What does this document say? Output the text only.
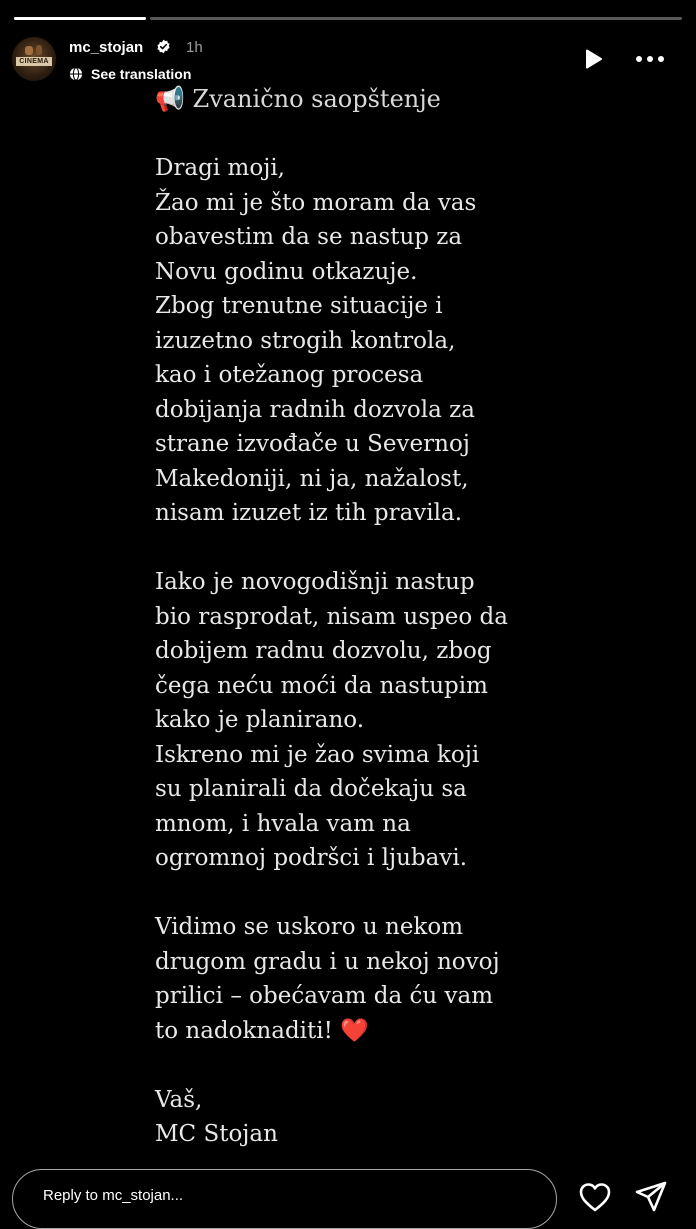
CINEMA
mc_stojan	1h
See translation

📢 Zvanično saopštenje

Dragi moji,
Žao mi je što moram da vas
obavestim da se nastup za
Novu godinu otkazuje.
Zbog trenutne situacije i
izuzetno strogih kontrola,
kao i otežanog procesa
dobijanja radnih dozvola za
strane izvođače u Severnoj
Makedoniji, ni ja, nažalost,
nisam izuzet iz tih pravila.

Iako je novogodišnji nastup
bio rasprodat, nisam uspeo da
dobijem radnu dozvolu, zbog
čega neću moći da nastupim
kako je planirano.
Iskreno mi je žao svima koji
su planirali da dočekaju sa
mnom, i hvala vam na
ogromnoj podršci i ljubavi.

Vidimo se uskoro u nekom
drugom gradu i u nekoj novoj
prilici – obećavam da ću vam
to nadoknaditi! ❤️

Vaš,
MC Stojan

Reply to mc_stojan...
